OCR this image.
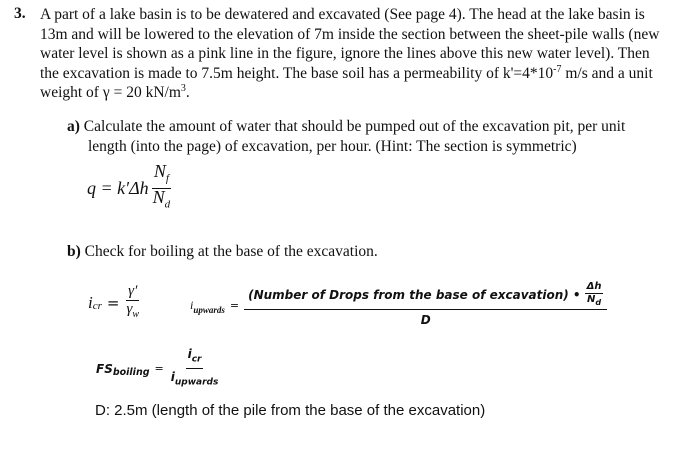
3. A part of a lake basin is to be dewatered and excavated (See page 4). The head at the lake basin is
13m and will be lowered to the elevation of 7m inside the section between the sheet-pile walls (new
water level is shown as a pink line in the figure, ignore the lines above this new water level). Then
the excavation is made to 7.5m height. The base soil has a permeability of $k'=4*10^{-7}$ m/s and a unit
weight of γ = 20 $kN/m^3$.
a) Calculate the amount of water that should be pumped out of the excavation pit, per unit
length (into the page) of excavation, per hour. (Hint: The section is symmetric)
$q = k'\Delta h \frac{N_f}{N_d}$
b) Check for boiling at the base of the excavation.
i cr = $\frac{\gamma'}{\gamma_w}$	i upwards =
(Number of Drops from the base of excavation) • $\frac{\Delta h}{N_d}$
D
FS boiling = $\frac{i_{cr}}{i_{upwards}}$
D: 2.5m (length of the pile from the base of the excavation)
